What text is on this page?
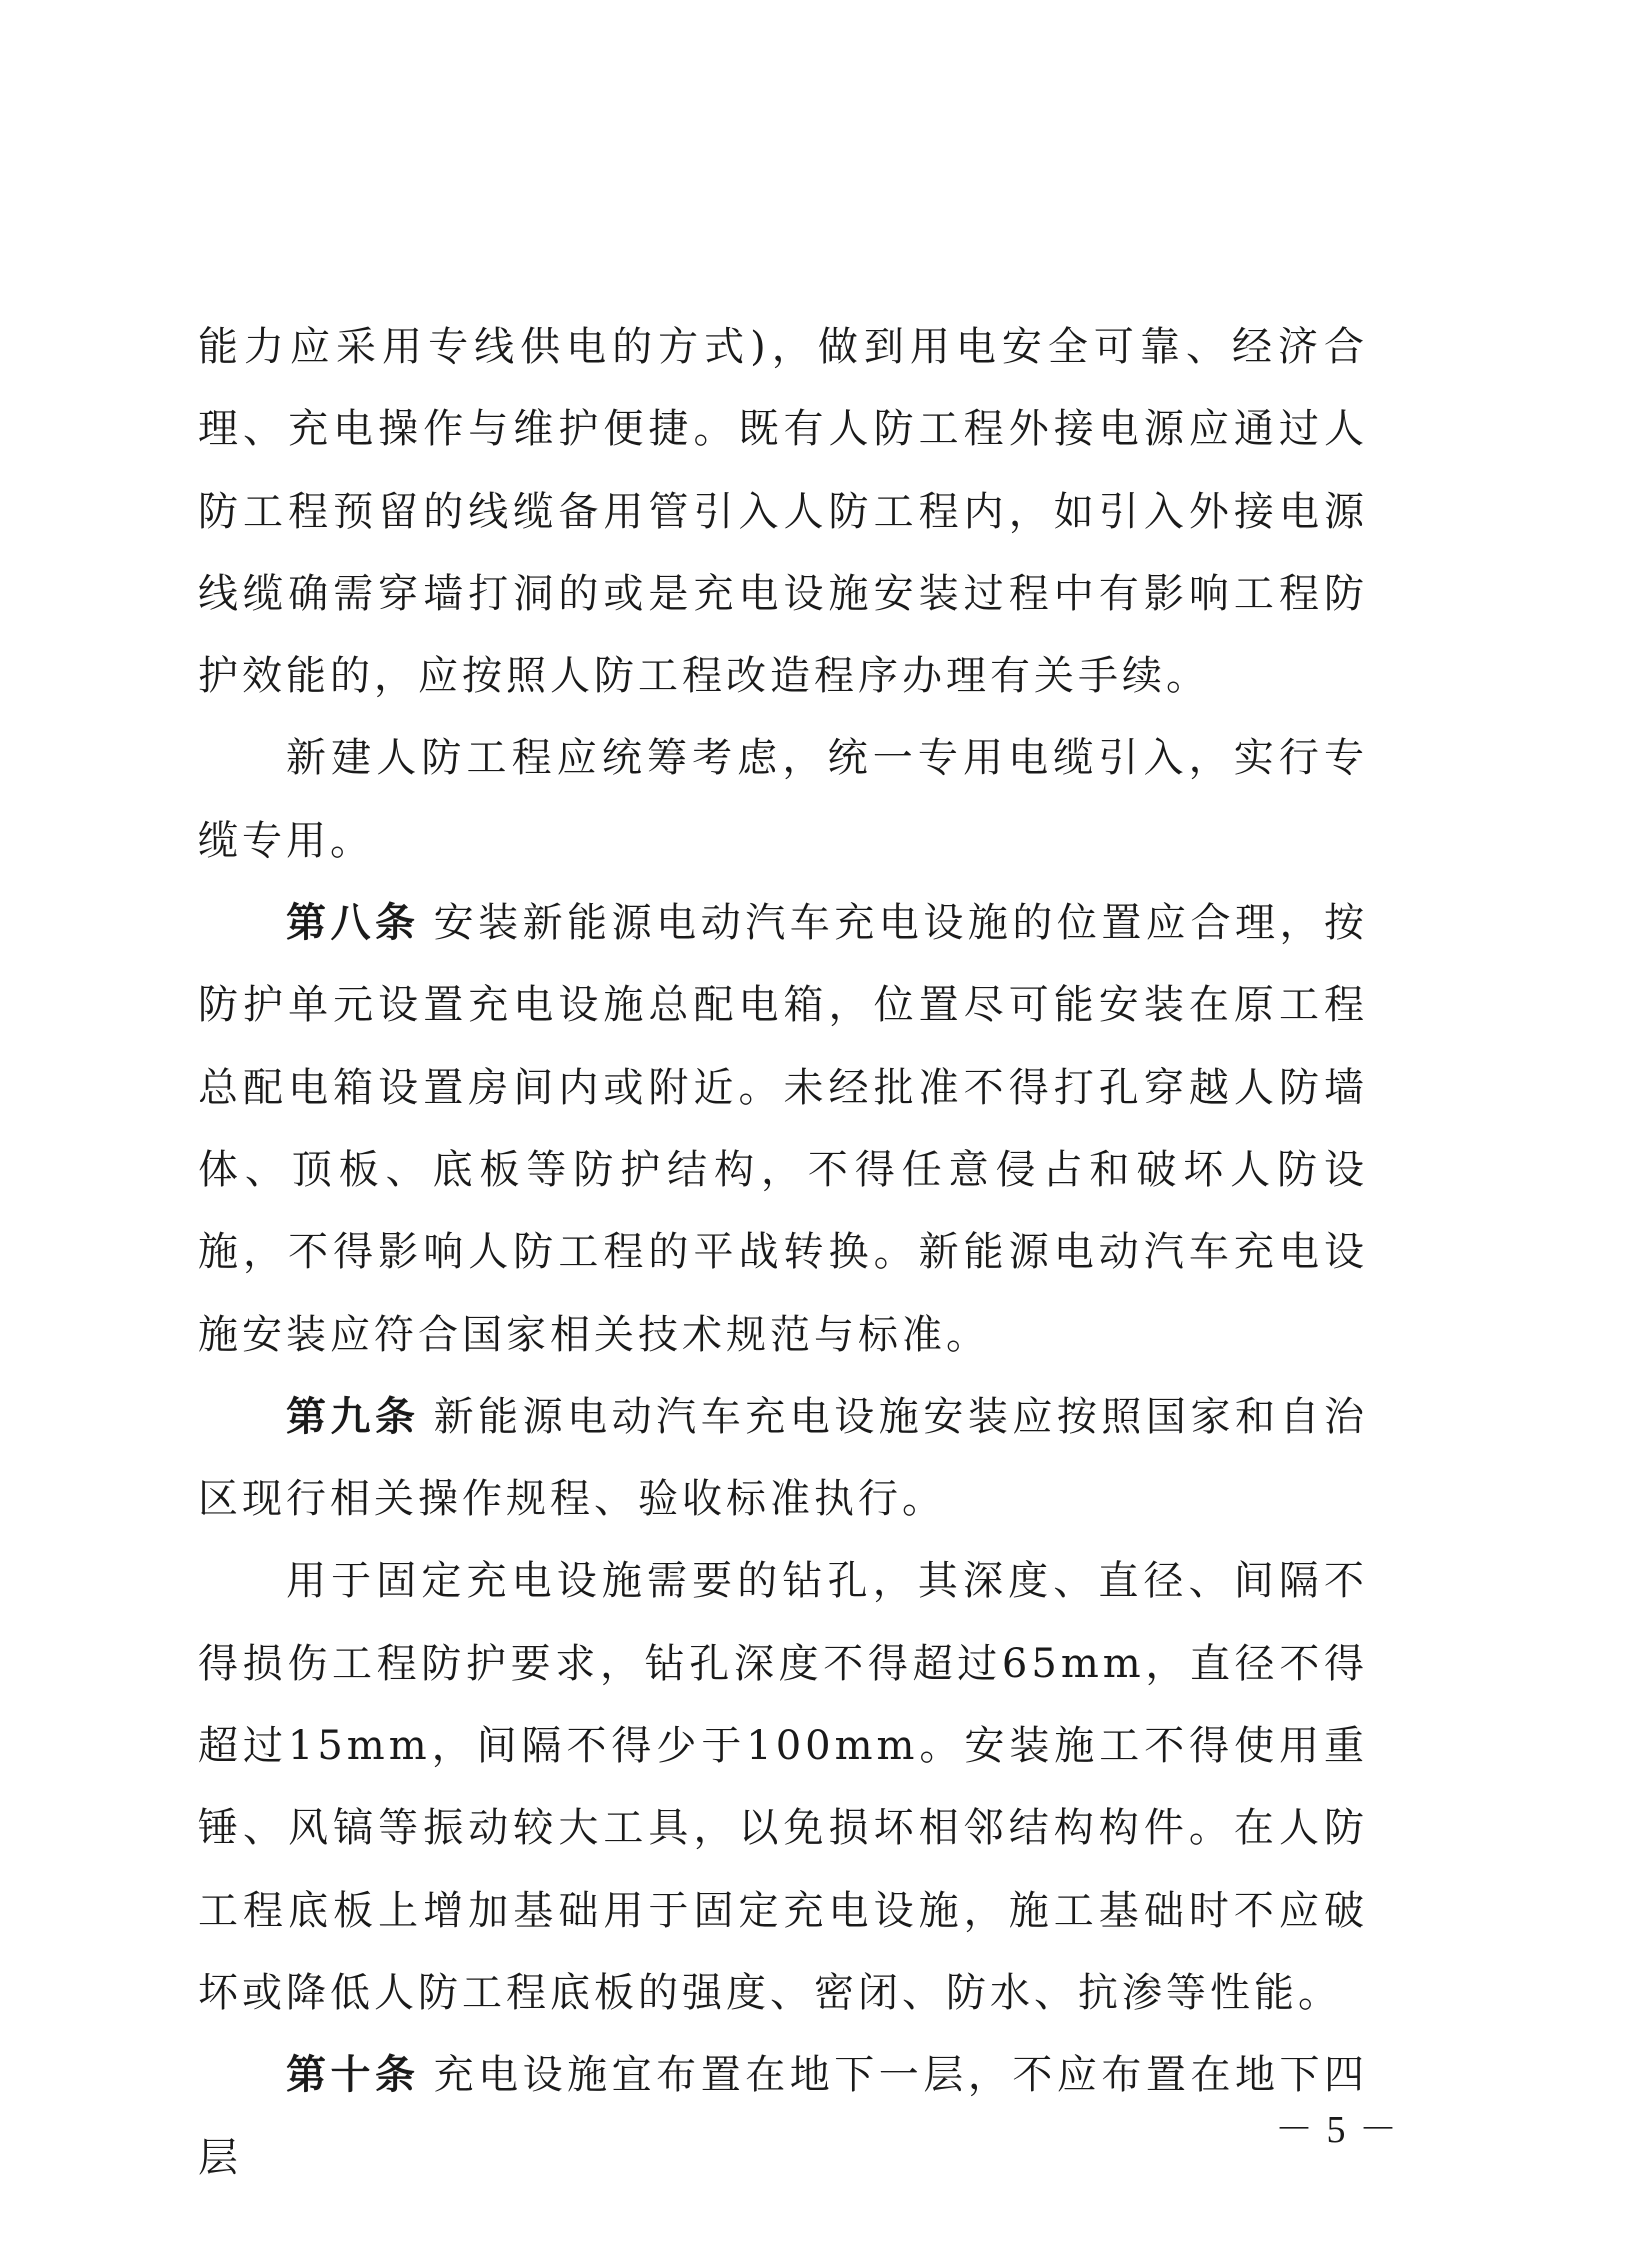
能力应采用专线供电的方式)，做到用电安全可靠、经济合理、充电操作与维护便捷。既有人防工程外接电源应通过人防工程预留的线缆备用管引入人防工程内，如引入外接电源线缆确需穿墙打洞的或是充电设施安装过程中有影响工程防护效能的，应按照人防工程改造程序办理有关手续。

新建人防工程应统筹考虑，统一专用电缆引入，实行专缆专用。

第八条 安装新能源电动汽车充电设施的位置应合理，按防护单元设置充电设施总配电箱，位置尽可能安装在原工程总配电箱设置房间内或附近。未经批准不得打孔穿越人防墙体、顶板、底板等防护结构，不得任意侵占和破坏人防设施，不得影响人防工程的平战转换。新能源电动汽车充电设施安装应符合国家相关技术规范与标准。

第九条 新能源电动汽车充电设施安装应按照国家和自治区现行相关操作规程、验收标准执行。

用于固定充电设施需要的钻孔，其深度、直径、间隔不得损伤工程防护要求，钻孔深度不得超过65mm，直径不得超过15mm，间隔不得少于100mm。安装施工不得使用重锤、风镐等振动较大工具，以免损坏相邻结构构件。在人防工程底板上增加基础用于固定充电设施，施工基础时不应破坏或降低人防工程底板的强度、密闭、防水、抗渗等性能。

第十条 充电设施宜布置在地下一层，不应布置在地下四层

－ 5 －
